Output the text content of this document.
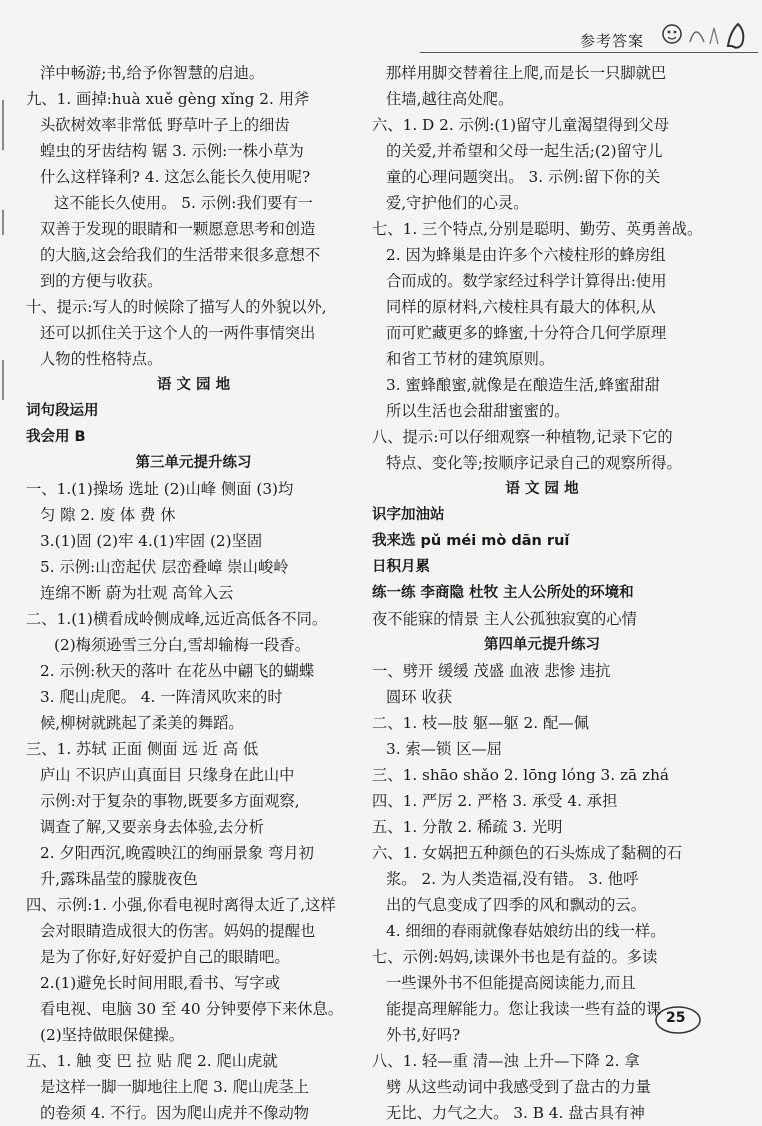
参考答案

洋中畅游;书,给予你智慧的启迪。

九、1. 画掉:huà xuě gèng xǐng 2. 用斧

头砍树效率非常低 野草叶子上的细齿

蝗虫的牙齿结构 锯 3. 示例:一株小草为

什么这样锋利? 4. 这怎么能长久使用呢?

这不能长久使用。 5. 示例:我们要有一

双善于发现的眼睛和一颗愿意思考和创造

的大脑,这会给我们的生活带来很多意想不

到的方便与收获。

十、提示:写人的时候除了描写人的外貌以外,

还可以抓住关于这个人的一两件事情突出

人物的性格特点。

语 文 园 地

词句段运用

我会用 B

第三单元提升练习

一、1.(1)操场 选址 (2)山峰 侧面 (3)均

匀 隙 2. 废 体 费 休

3.(1)固 (2)牢 4.(1)牢固 (2)坚固

5. 示例:山峦起伏 层峦叠嶂 崇山峻岭

连绵不断 蔚为壮观 高耸入云

二、1.(1)横看成岭侧成峰,远近高低各不同。

(2)梅须逊雪三分白,雪却输梅一段香。

2. 示例:秋天的落叶 在花丛中翩飞的蝴蝶

3. 爬山虎爬。 4. 一阵清风吹来的时

候,柳树就跳起了柔美的舞蹈。

三、1. 苏轼 正面 侧面 远 近 高 低

庐山 不识庐山真面目 只缘身在此山中

示例:对于复杂的事物,既要多方面观察,

调查了解,又要亲身去体验,去分析

2. 夕阳西沉,晚霞映江的绚丽景象 弯月初

升,露珠晶莹的朦胧夜色

四、示例:1. 小强,你看电视时离得太近了,这样

会对眼睛造成很大的伤害。妈妈的提醒也

是为了你好,好好爱护自己的眼睛吧。

2.(1)避免长时间用眼,看书、写字或

看电视、电脑 30 至 40 分钟要停下来休息。

(2)坚持做眼保健操。

五、1. 触 变 巴 拉 贴 爬 2. 爬山虎就

是这样一脚一脚地往上爬 3. 爬山虎茎上

的卷须 4. 不行。因为爬山虎并不像动物

那样用脚交替着往上爬,而是长一只脚就巴

住墙,越往高处爬。

六、1. D 2. 示例:(1)留守儿童渴望得到父母

的关爱,并希望和父母一起生活;(2)留守儿

童的心理问题突出。 3. 示例:留下你的关

爱,守护他们的心灵。

七、1. 三个特点,分别是聪明、勤劳、英勇善战。

2. 因为蜂巢是由许多个六棱柱形的蜂房组

合而成的。数学家经过科学计算得出:使用

同样的原材料,六棱柱具有最大的体积,从

而可贮藏更多的蜂蜜,十分符合几何学原理

和省工节材的建筑原则。

3. 蜜蜂酿蜜,就像是在酿造生活,蜂蜜甜甜

所以生活也会甜甜蜜蜜的。

八、提示:可以仔细观察一种植物,记录下它的

特点、变化等;按顺序记录自己的观察所得。

语 文 园 地

识字加油站

我来选 pǔ méi mò dān ruǐ

日积月累

练一练 李商隐 杜牧 主人公所处的环境和

夜不能寐的情景 主人公孤独寂寞的心情

第四单元提升练习

一、劈开 缓缓 茂盛 血液 悲惨 违抗

圆环 收获

二、1. 枝—肢 躯—躯 2. 配—佩

3. 索—锁 区—屈

三、1. shāo shǎo 2. lōng lóng 3. zā zhá

四、1. 严厉 2. 严格 3. 承受 4. 承担

五、1. 分散 2. 稀疏 3. 光明

六、1. 女娲把五种颜色的石头炼成了黏稠的石

浆。 2. 为人类造福,没有错。 3. 他呼

出的气息变成了四季的风和飘动的云。

4. 细细的春雨就像春姑娘纺出的线一样。

七、示例:妈妈,读课外书也是有益的。多读

一些课外书不但能提高阅读能力,而且

能提高理解能力。您让我读一些有益的课

外书,好吗?

八、1. 轻—重 清—浊 上升—下降 2. 拿

劈 从这些动词中我感受到了盘古的力量

无比、力气之大。 3. B 4. 盘古具有神

25
